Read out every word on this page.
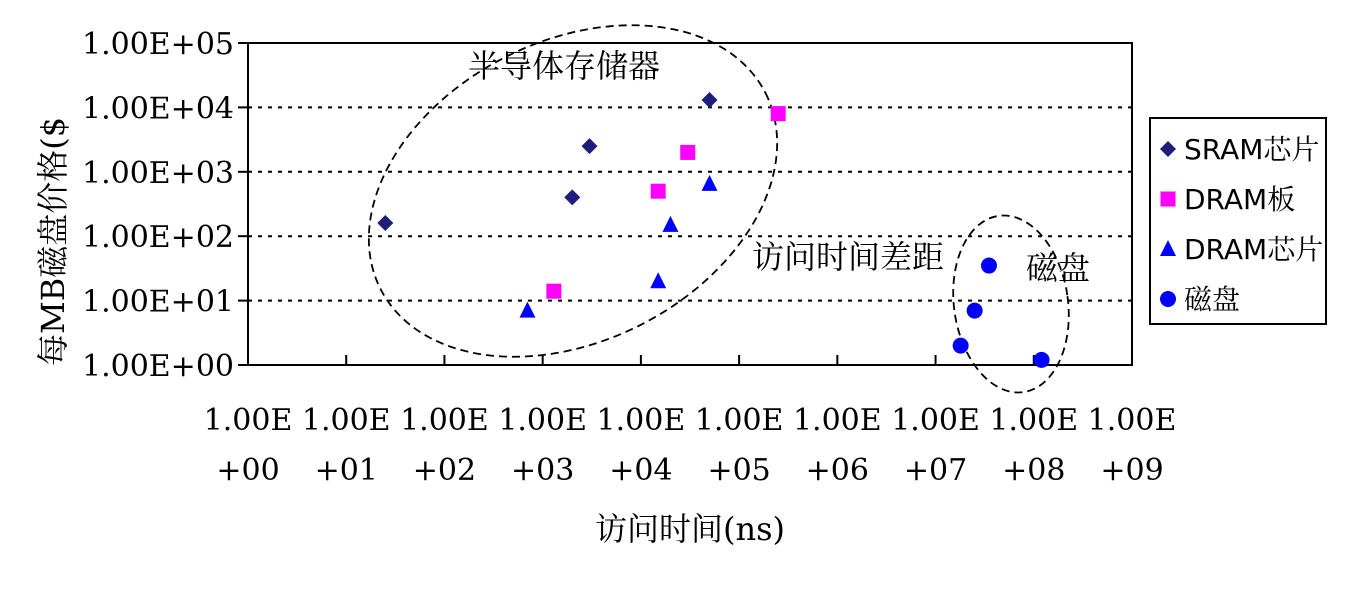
1.00E+00
1.00E+01
1.00E+02
1.00E+03
1.00E+04
1.00E+05
1.00E
+00
1.00E
+01
1.00E
+02
1.00E
+03
1.00E
+04
1.00E
+05
1.00E
+06
1.00E
+07
1.00E
+08
1.00E
+09
半导体存储器
访问时间差距	磁盘
访问时间(ns)
每MB磁盘价格($	SRAM芯片
DRAM板
DRAM芯片
磁盘
